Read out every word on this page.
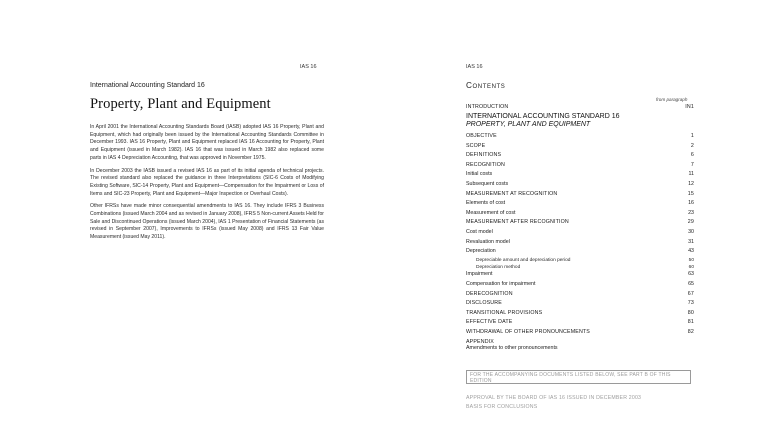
IAS 16
International Accounting Standard 16
Property, Plant and Equipment

In April 2001 the International Accounting Standards Board (IASB) adopted IAS 16 Property, Plant and Equipment, which had originally been issued by the International Accounting Standards Committee in December 1993. IAS 16 Property, Plant and Equipment replaced IAS 16 Accounting for Property, Plant and Equipment (issued in March 1982). IAS 16 that was issued in March 1982 also replaced some parts in IAS 4 Depreciation Accounting, that was approved in November 1975.

In December 2003 the IASB issued a revised IAS 16 as part of its initial agenda of technical projects. The revised standard also replaced the guidance in three Interpretations (SIC-6 Costs of Modifying Existing Software, SIC-14 Property, Plant and Equipment—Compensation for the Impairment or Loss of Items and SIC-23 Property, Plant and Equipment—Major Inspection or Overhaul Costs).

Other IFRSs have made minor consequential amendments to IAS 16. They include IFRS 3 Business Combinations (issued March 2004 and as revised in January 2008), IFRS 5 Non-current Assets Held for Sale and Discontinued Operations (issued March 2004), IAS 1 Presentation of Financial Statements (as revised in September 2007), Improvements to IFRSs (issued May 2008) and IFRS 13 Fair Value Measurement (issued May 2011).

IAS 16
Contents
from paragraph
INTRODUCTION	IN1
INTERNATIONAL ACCOUNTING STANDARD 16
PROPERTY, PLANT AND EQUIPMENT
OBJECTIVE	1
SCOPE	2
DEFINITIONS	6
RECOGNITION	7
Initial costs	11
Subsequent costs	12
MEASUREMENT AT RECOGNITION	15
Elements of cost	16
Measurement of cost	23
MEASUREMENT AFTER RECOGNITION	29
Cost model	30
Revaluation model	31
Depreciation	43
Depreciable amount and depreciation period	50
Depreciation method	60
Impairment	63
Compensation for impairment	65
DERECOGNITION	67
DISCLOSURE	73
TRANSITIONAL PROVISIONS	80
EFFECTIVE DATE	81
WITHDRAWAL OF OTHER PRONOUNCEMENTS	82
APPENDIX
Amendments to other pronouncements
FOR THE ACCOMPANYING DOCUMENTS LISTED BELOW, SEE PART B OF THIS EDITION
APPROVAL BY THE BOARD OF IAS 16 ISSUED IN DECEMBER 2003
BASIS FOR CONCLUSIONS
